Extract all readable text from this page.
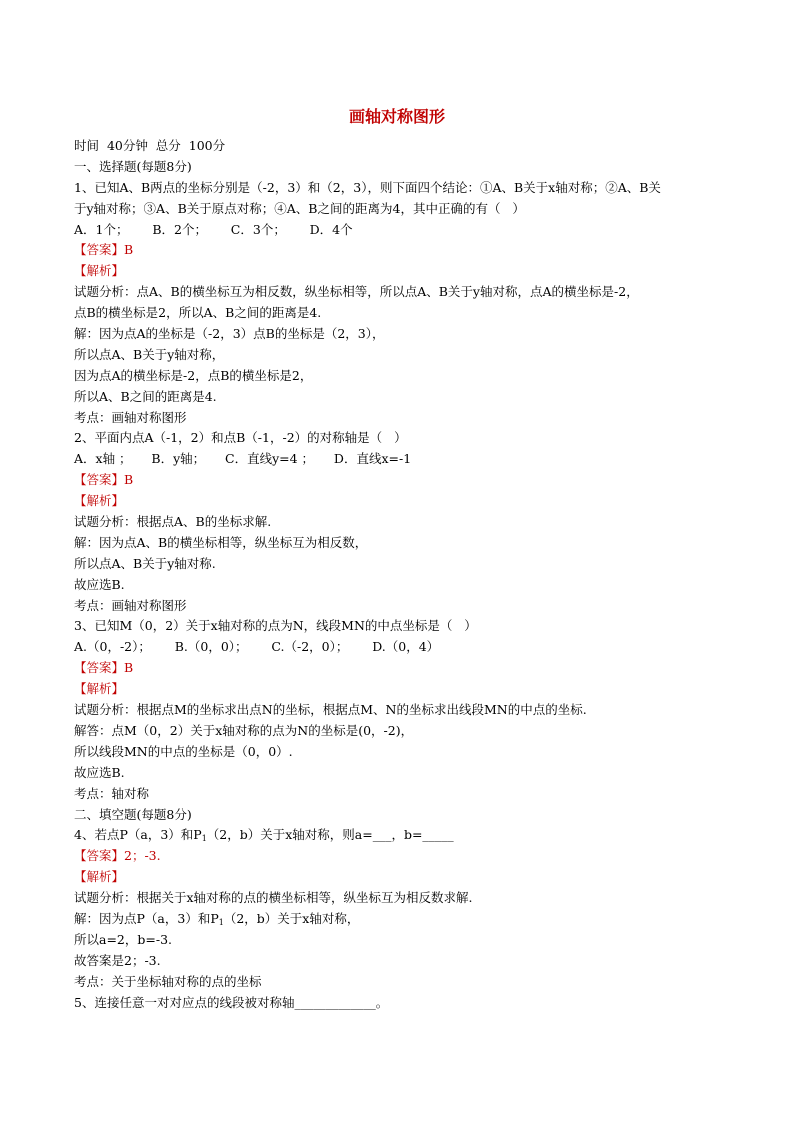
画轴对称图形
时间  40分钟  总分  100分
一、选择题(每题8分)
1、已知A、B两点的坐标分别是（-2，3）和（2，3），则下面四个结论：①A、B关于x轴对称；②A、B关
于y轴对称；③A、B关于原点对称；④A、B之间的距离为4，其中正确的有（   ）
A．1个；      B．2个；      C．3个；      D．4个
【答案】B
【解析】
试题分析：点A、B的横坐标互为相反数，纵坐标相等，所以点A、B关于y轴对称，点A的横坐标是-2，
点B的横坐标是2，所以A、B之间的距离是4.
解：因为点A的坐标是（-2，3）点B的坐标是（2，3），
所以点A、B关于y轴对称，
因为点A的横坐标是-2，点B的横坐标是2，
所以A、B之间的距离是4.
考点：画轴对称图形
2、平面内点A（-1，2）和点B（-1，-2）的对称轴是（   ）
A．x轴 ；     B．y轴；     C．直线y=4 ；     D．直线x=-1
【答案】B
【解析】
试题分析：根据点A、B的坐标求解.
解：因为点A、B的横坐标相等，纵坐标互为相反数，
所以点A、B关于y轴对称.
故应选B.
考点：画轴对称图形
3、已知M（0，2）关于x轴对称的点为N，线段MN的中点坐标是（   ）
A.（0，-2）；      B.（0，0）；      C.（-2，0）；      D.（0，4）
【答案】B
【解析】
试题分析：根据点M的坐标求出点N的坐标，根据点M、N的坐标求出线段MN的中点的坐标.
解答：点M（0，2）关于x轴对称的点为N的坐标是(0，-2)，
所以线段MN的中点的坐标是（0，0）.
故应选B.
考点：轴对称
二、填空题(每题8分)
4、若点P（a，3）和$P_1(2$，b）关于x轴对称，则a=___，b=_____
【答案】2；-3.
【解析】
试题分析：根据关于x轴对称的点的横坐标相等，纵坐标互为相反数求解.
解：因为点P（a，3）和$P_1(2$，b）关于x轴对称，
所以a=2，b=-3.
故答案是2；-3.
考点：关于坐标轴对称的点的坐标
5、连接任意一对对应点的线段被对称轴_____________。
